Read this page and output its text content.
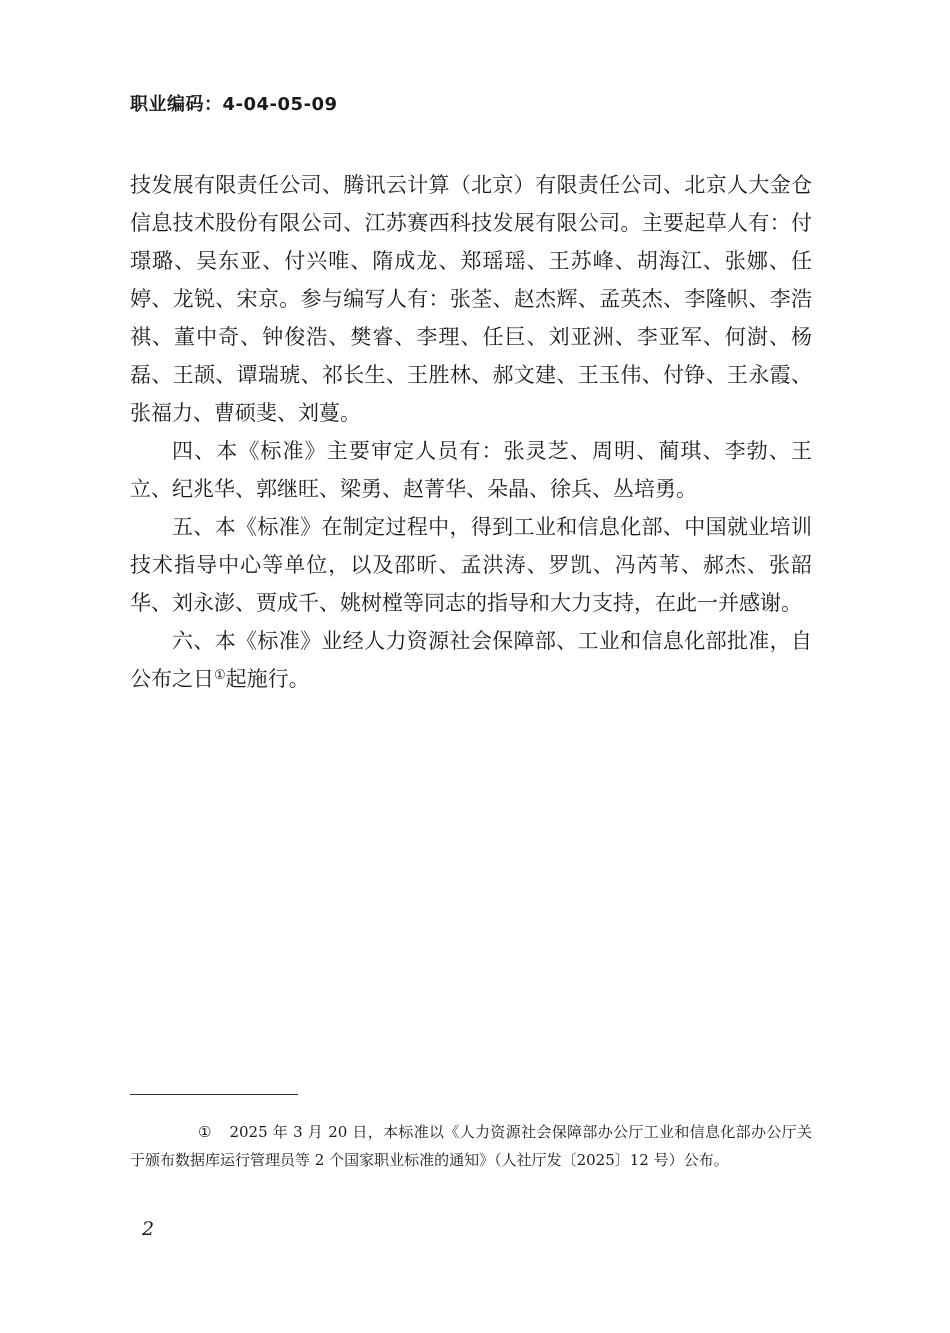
职业编码：4-04-05-09

技发展有限责任公司、腾讯云计算（北京）有限责任公司、北京人大金仓信息技术股份有限公司、江苏赛西科技发展有限公司。主要起草人有：付璟璐、吴东亚、付兴唯、隋成龙、郑瑶瑶、王苏峰、胡海江、张娜、任婷、龙锐、宋京。参与编写人有：张荃、赵杰辉、孟英杰、李隆帜、李浩祺、董中奇、钟俊浩、樊睿、李理、任巨、刘亚洲、李亚军、何澍、杨磊、王颉、谭瑞琥、祁长生、王胜林、郝文建、王玉伟、付铮、王永霞、张福力、曹硕斐、刘蔓。

四、本《标准》主要审定人员有：张灵芝、周明、蔺琪、李勃、王立、纪兆华、郭继旺、梁勇、赵菁华、朵晶、徐兵、丛培勇。

五、本《标准》在制定过程中，得到工业和信息化部、中国就业培训技术指导中心等单位，以及邵昕、孟洪涛、罗凯、冯芮苇、郝杰、张韶华、刘永澎、贾成千、姚树樘等同志的指导和大力支持，在此一并感谢。

六、本《标准》业经人力资源社会保障部、工业和信息化部批准，自公布之日①起施行。

① 2025 年 3 月 20 日，本标准以《人力资源社会保障部办公厅工业和信息化部办公厅关于颁布数据库运行管理员等 2 个国家职业标准的通知》（人社厅发〔2025〕12 号）公布。
2
